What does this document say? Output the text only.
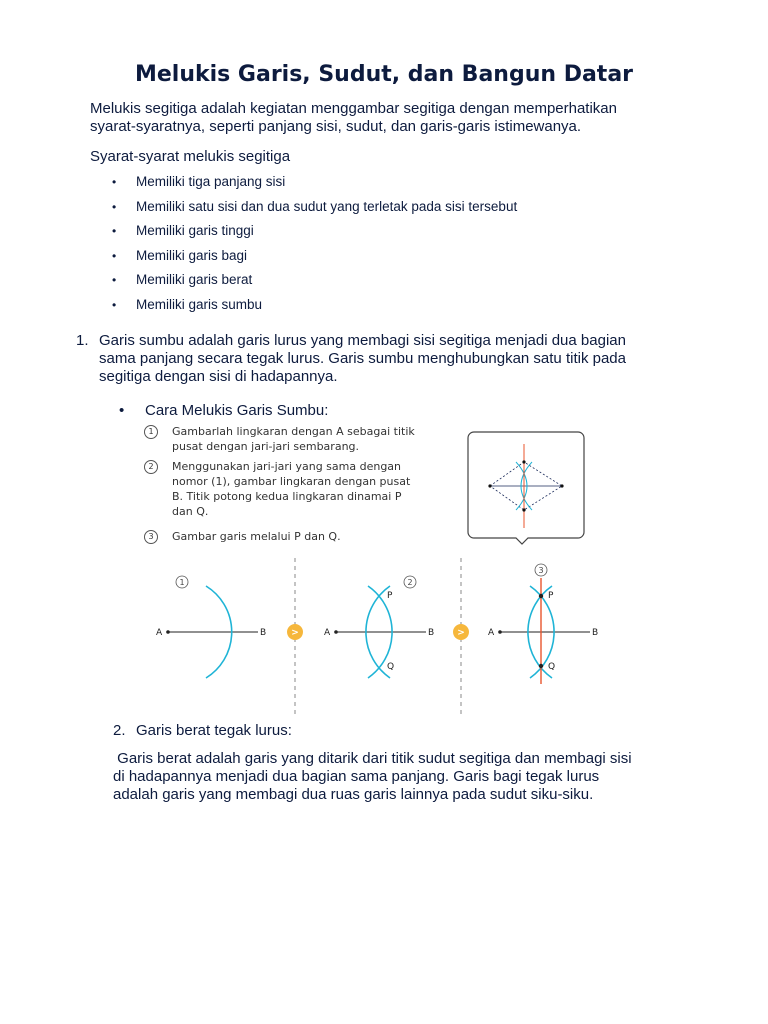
Melukis Garis, Sudut, dan Bangun Datar
Melukis segitiga adalah kegiatan menggambar segitiga dengan memperhatikan
syarat-syaratnya, seperti panjang sisi, sudut, dan garis-garis istimewanya.
Syarat-syarat melukis segitiga
• Memiliki tiga panjang sisi
• Memiliki satu sisi dan dua sudut yang terletak pada sisi tersebut
• Memiliki garis tinggi
• Memiliki garis bagi
• Memiliki garis berat
• Memiliki garis sumbu
1. Garis sumbu adalah garis lurus yang membagi sisi segitiga menjadi dua bagian
sama panjang secara tegak lurus. Garis sumbu menghubungkan satu titik pada
segitiga dengan sisi di hadapannya.
• Cara Melukis Garis Sumbu:
1	Gambarlah lingkaran dengan A sebagai titik
pusat dengan jari-jari sembarang.
2	Menggunakan jari-jari yang sama dengan
nomor (1), gambar lingkaran dengan pusat
B. Titik potong kedua lingkaran dinamai P
dan Q.
3	Gambar garis melalui P dan Q.
1
A	B	>
2
A	B
P
Q
>
3
A	B
P
Q
2. Garis berat tegak lurus:
Garis berat adalah garis yang ditarik dari titik sudut segitiga dan membagi sisi
di hadapannya menjadi dua bagian sama panjang. Garis bagi tegak lurus
adalah garis yang membagi dua ruas garis lainnya pada sudut siku-siku.
